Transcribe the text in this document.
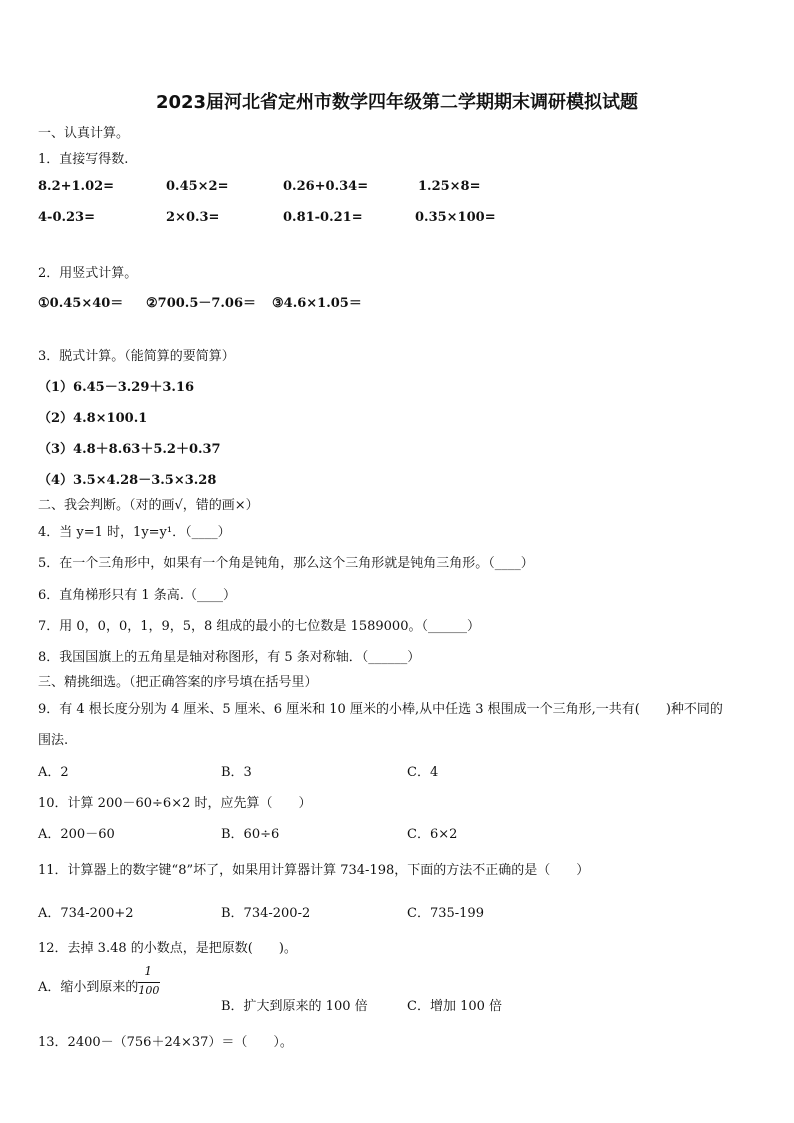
2023届河北省定州市数学四年级第二学期期末调研模拟试题
一、认真计算。
1．直接写得数.
8.2+1.02=	0.45×2=	0.26+0.34=	1.25×8=
4-0.23=	2×0.3=	0.81-0.21=	0.35×100=
2．用竖式计算。
①0.45×40＝ ②700.5－7.06＝ ③4.6×1.05＝
3．脱式计算。（能简算的要简算）
（1）6.45－3.29＋3.16
（2）4.8×100.1
（3）4.8＋8.63＋5.2＋0.37
（4）3.5×4.28－3.5×3.28
二、我会判断。（对的画√，错的画×）
4．当 y=1 时，1y=y¹．（____）
5．在一个三角形中，如果有一个角是钝角，那么这个三角形就是钝角三角形。（____）
6．直角梯形只有 1 条高.（____）
7．用 0，0，0，1，9，5，8 组成的最小的七位数是 1589000。（______）
8．我国国旗上的五角星是轴对称图形，有 5 条对称轴．（______）
三、精挑细选。（把正确答案的序号填在括号里）
9．有 4 根长度分别为 4 厘米、5 厘米、6 厘米和 10 厘米的小棒,从中任选 3 根围成一个三角形,一共有(　　)种不同的
围法.
A．2	B．3	C．4
10．计算 200－60÷6×2 时，应先算（　　）
A．200－60	B．60÷6	C．6×2
11．计算器上的数字键“8”坏了，如果用计算器计算 734-198，下面的方法不正确的是（　　）
A．734-200+2	B．734-200-2	C．735-199
12．去掉 3.48 的小数点，是把原数(　　)。
A．缩小到原来的 $\frac{1}{100}$
B．扩大到原来的 100 倍	C．增加 100 倍
13．2400－（756＋24×37）＝（　　）。
